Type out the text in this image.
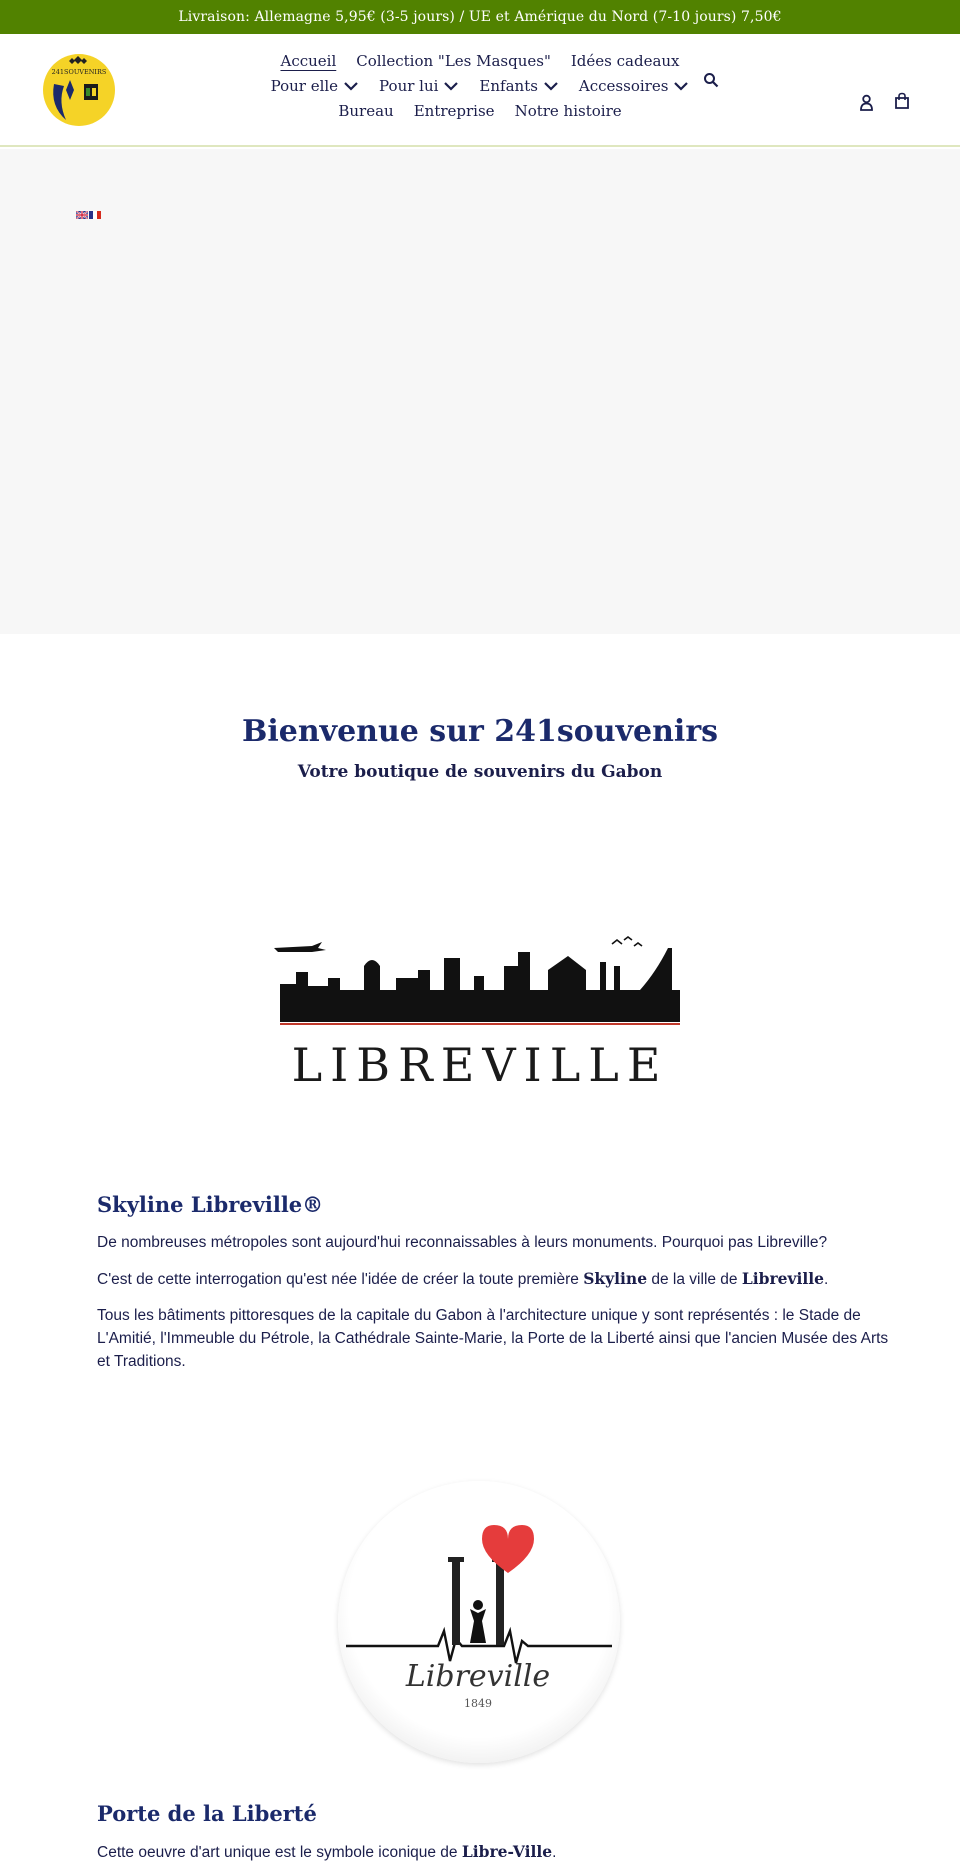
Livraison: Allemagne 5,95€ (3-5 jours) / UE et Amérique du Nord (7-10 jours) 7,50€
241SOUVENIRS
Accueil Collection "Les Masques" Idées cadeaux
Pour elle	Pour lui	Enfants	Accessoires
Bureau Entreprise Notre histoire
Bienvenue sur 241souvenirs
Votre boutique de souvenirs du Gabon
LIBREVILLE
Skyline Libreville®

De nombreuses métropoles sont aujourd'hui reconnaissables à leurs monuments. Pourquoi pas Libreville?

C'est de cette interrogation qu'est née l'idée de créer la toute première Skyline de la ville de Libreville.

Tous les bâtiments pittoresques de la capitale du Gabon à l'architecture unique y sont représentés : le Stade de L'Amitié, l'Immeuble du Pétrole, la Cathédrale Sainte-Marie, la Porte de la Liberté ainsi que l'ancien Musée des Arts et Traditions.

Libreville
1849
Porte de la Liberté

Cette oeuvre d'art unique est le symbole iconique de Libre-Ville.
